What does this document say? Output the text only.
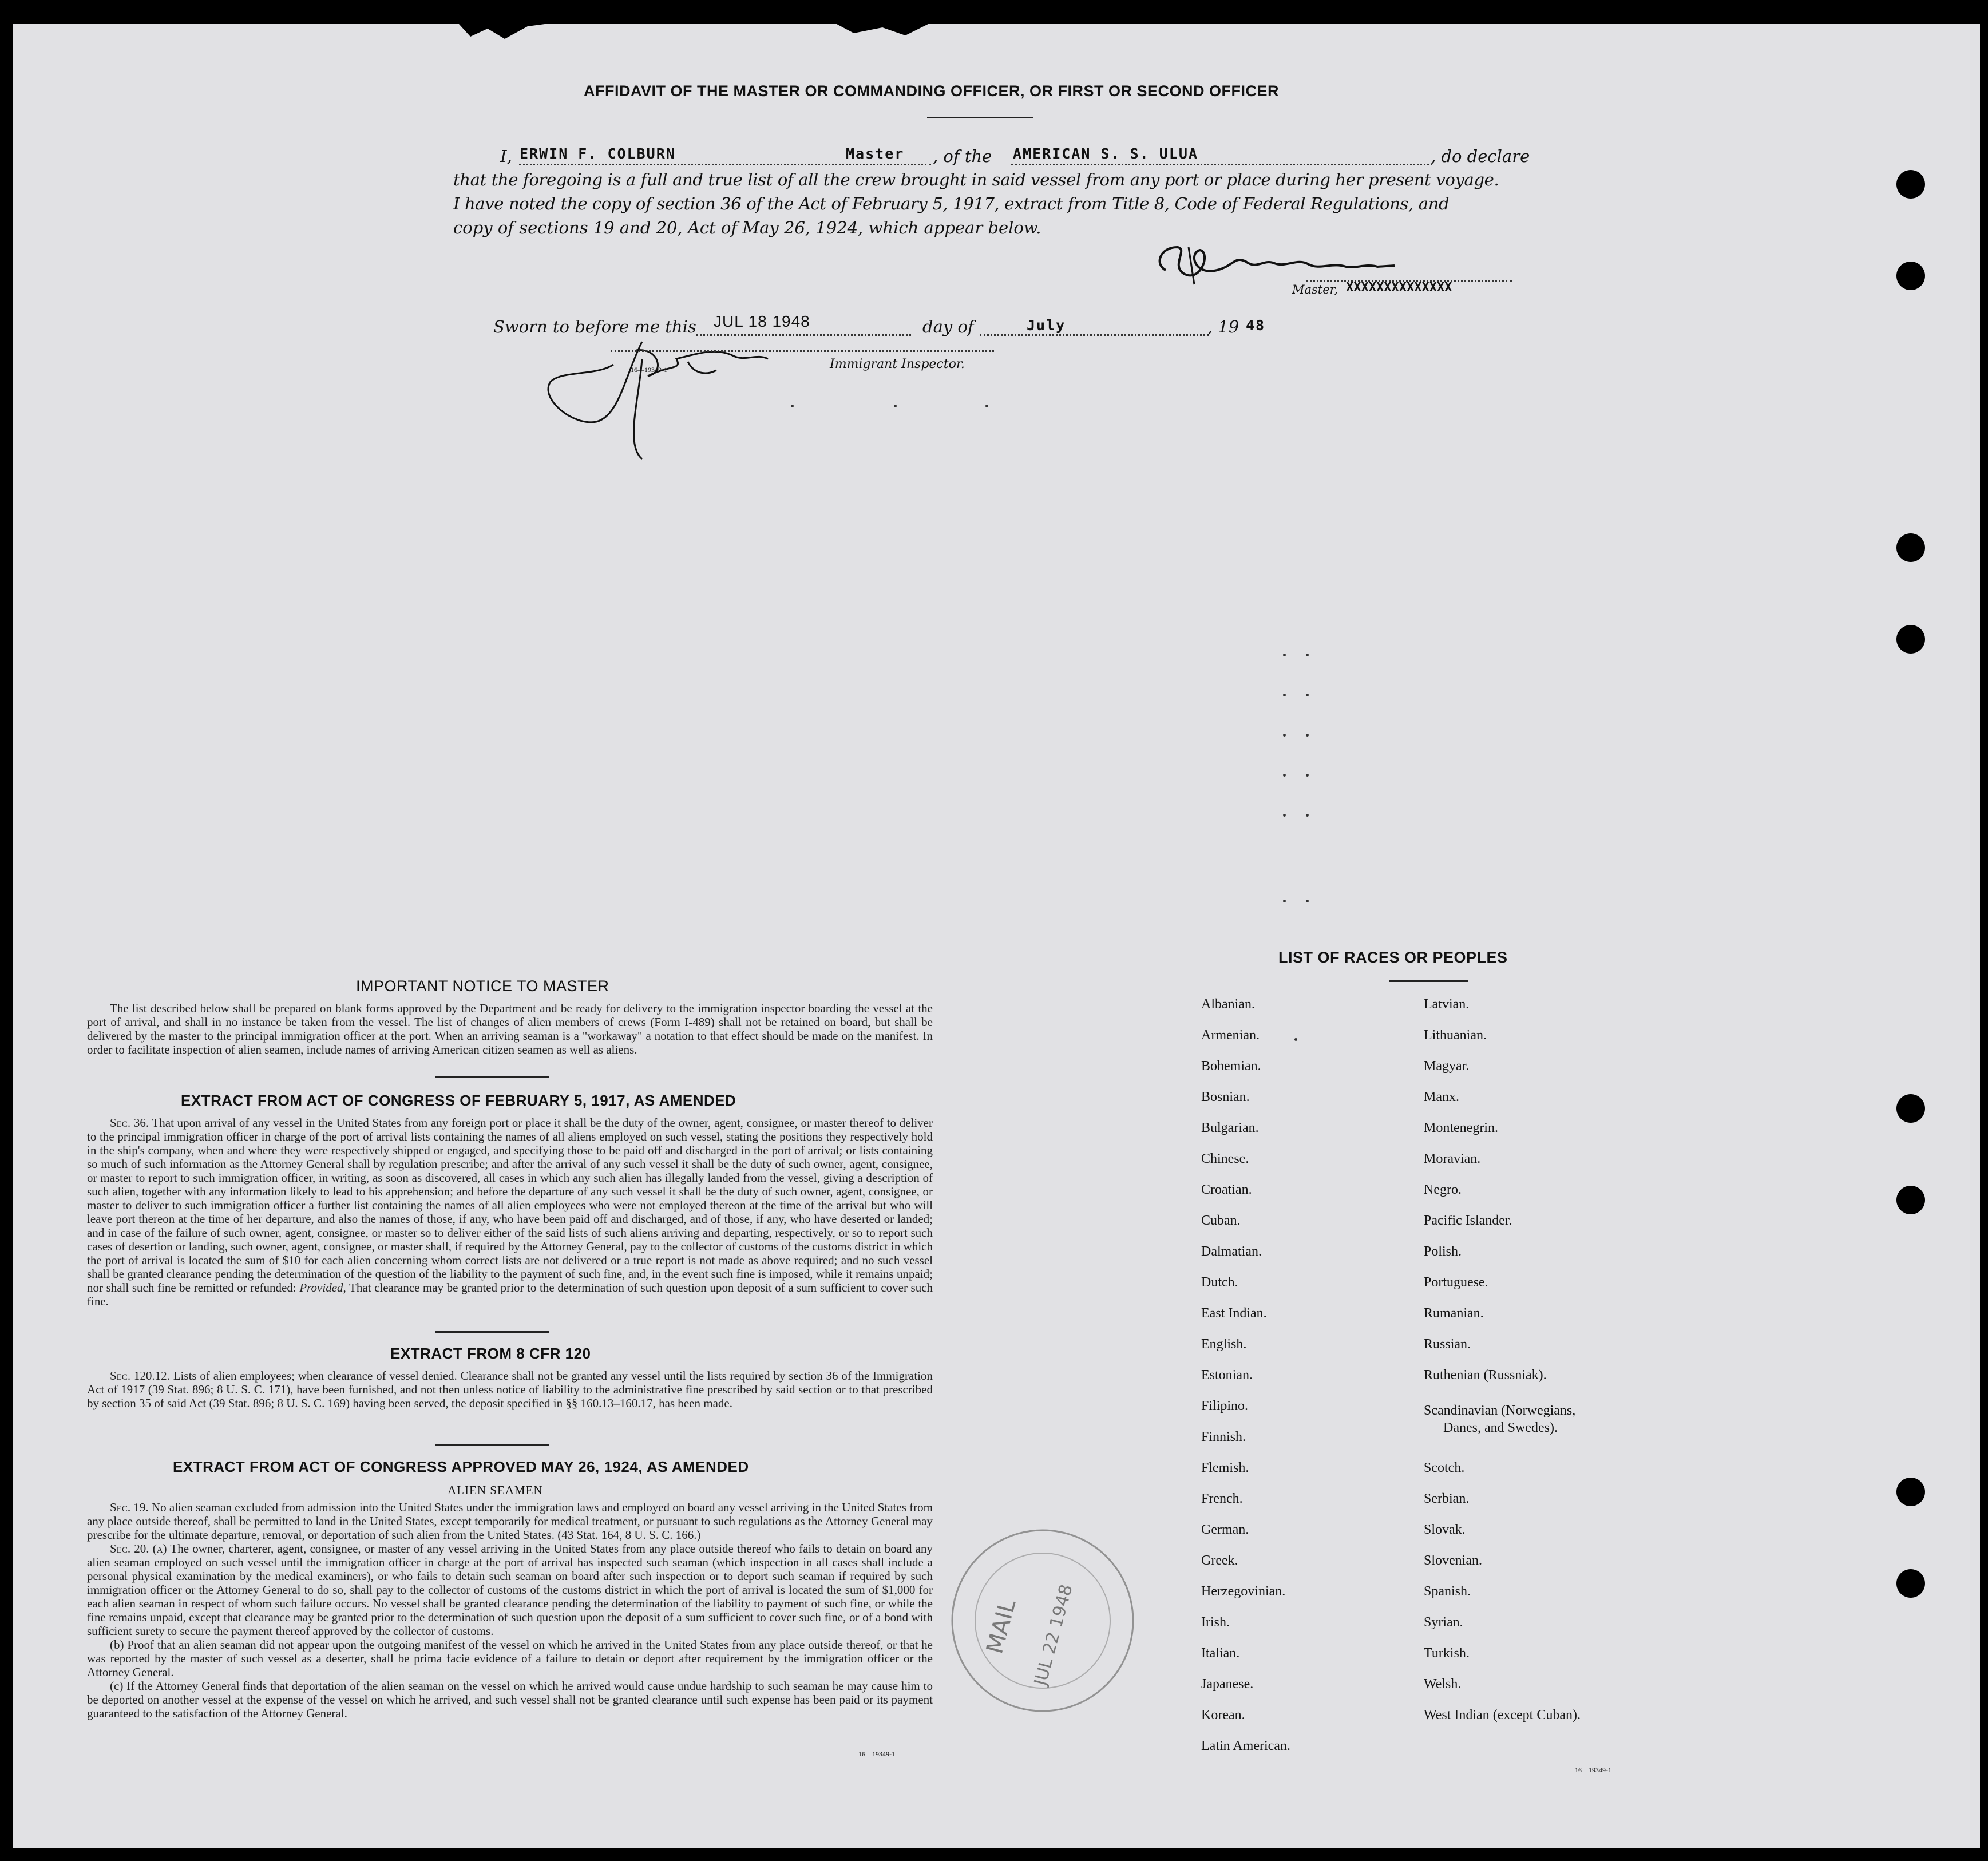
AFFIDAVIT OF THE MASTER OR COMMANDING OFFICER, OR FIRST OR SECOND OFFICER
I, ERWIN F. COLBURN	Master , of the AMERICAN S. S. ULUA	, do declare
that the foregoing is a full and true list of all the crew brought in said vessel from any port or place during her present voyage.
I have noted the copy of section 36 of the Act of February 5, 1917, extract from Title 8, Code of Federal Regulations, and
copy of sections 19 and 20, Act of May 26, 1924, which appear below.
Master, XXXXXXXXXXXXXX
Sworn to before me this JUL 18 1948	day of	July	, 19 48
16—19349-1	Immigrant Inspector.
IMPORTANT NOTICE TO MASTER
The list described below shall be prepared on blank forms approved by the Department and be ready for delivery to the immigration inspector boarding the vessel at the port of arrival, and shall in no instance be taken from the vessel. The list of changes of alien members of crews (Form I-489) shall not be retained on board, but shall be delivered by the master to the principal immigration officer at the port. When an arriving seaman is a "workaway" a notation to that effect should be made on the manifest. In order to facilitate inspection of alien seamen, include names of arriving American citizen seamen as well as aliens.
EXTRACT FROM ACT OF CONGRESS OF FEBRUARY 5, 1917, AS AMENDED
Sec. 36. That upon arrival of any vessel in the United States from any foreign port or place it shall be the duty of the owner, agent, consignee, or master thereof to deliver to the principal immigration officer in charge of the port of arrival lists containing the names of all aliens employed on such vessel, stating the positions they respectively hold in the ship's company, when and where they were respectively shipped or engaged, and specifying those to be paid off and discharged in the port of arrival; or lists containing so much of such information as the Attorney General shall by regulation prescribe; and after the arrival of any such vessel it shall be the duty of such owner, agent, consignee, or master to report to such immigration officer, in writing, as soon as discovered, all cases in which any such alien has illegally landed from the vessel, giving a description of such alien, together with any information likely to lead to his apprehension; and before the departure of any such vessel it shall be the duty of such owner, agent, consignee, or master to deliver to such immigration officer a further list containing the names of all alien employees who were not employed thereon at the time of the arrival but who will leave port thereon at the time of her departure, and also the names of those, if any, who have been paid off and discharged, and of those, if any, who have deserted or landed; and in case of the failure of such owner, agent, consignee, or master so to deliver either of the said lists of such aliens arriving and departing, respectively, or so to report such cases of desertion or landing, such owner, agent, consignee, or master shall, if required by the Attorney General, pay to the collector of customs of the customs district in which the port of arrival is located the sum of $10 for each alien concerning whom correct lists are not delivered or a true report is not made as above required; and no such vessel shall be granted clearance pending the determination of the question of the liability to the payment of such fine, and, in the event such fine is imposed, while it remains unpaid; nor shall such fine be remitted or refunded: Provided, That clearance may be granted prior to the determination of such question upon deposit of a sum sufficient to cover such fine.
EXTRACT FROM 8 CFR 120
Sec. 120.12. Lists of alien employees; when clearance of vessel denied. Clearance shall not be granted any vessel until the lists required by section 36 of the Immigration Act of 1917 (39 Stat. 896; 8 U. S. C. 171), have been furnished, and not then unless notice of liability to the administrative fine prescribed by said section or to that prescribed by section 35 of said Act (39 Stat. 896; 8 U. S. C. 169) having been served, the deposit specified in §§ 160.13–160.17, has been made.
EXTRACT FROM ACT OF CONGRESS APPROVED MAY 26, 1924, AS AMENDED
ALIEN SEAMEN
Sec. 19. No alien seaman excluded from admission into the United States under the immigration laws and employed on board any vessel arriving in the United States from any place outside thereof, shall be permitted to land in the United States, except temporarily for medical treatment, or pursuant to such regulations as the Attorney General may prescribe for the ultimate departure, removal, or deportation of such alien from the United States. (43 Stat. 164, 8 U. S. C. 166.)
Sec. 20. (a) The owner, charterer, agent, consignee, or master of any vessel arriving in the United States from any place outside thereof who fails to detain on board any alien seaman employed on such vessel until the immigration officer in charge at the port of arrival has inspected such seaman (which inspection in all cases shall include a personal physical examination by the medical examiners), or who fails to detain such seaman on board after such inspection or to deport such seaman if required by such immigration officer or the Attorney General to do so, shall pay to the collector of customs of the customs district in which the port of arrival is located the sum of $1,000 for each alien seaman in respect of whom such failure occurs. No vessel shall be granted clearance pending the determination of the liability to payment of such fine, or while the fine remains unpaid, except that clearance may be granted prior to the determination of such question upon the deposit of a sum sufficient to cover such fine, or of a bond with sufficient surety to secure the payment thereof approved by the collector of customs.
(b) Proof that an alien seaman did not appear upon the outgoing manifest of the vessel on which he arrived in the United States from any place outside thereof, or that he was reported by the master of such vessel as a deserter, shall be prima facie evidence of a failure to detain or deport after requirement by the immigration officer or the Attorney General.
(c) If the Attorney General finds that deportation of the alien seaman on the vessel on which he arrived would cause undue hardship to such seaman he may cause him to be deported on another vessel at the expense of the vessel on which he arrived, and such vessel shall not be granted clearance until such expense has been paid or its payment guaranteed to the satisfaction of the Attorney General.
16—19349-1
MAIL JUL 22 1948
LIST OF RACES OR PEOPLES
Albanian.
Armenian.
Bohemian.
Bosnian.
Bulgarian.
Chinese.
Croatian.
Cuban.
Dalmatian.
Dutch.
East Indian.
English.
Estonian.
Filipino.
Finnish.
Flemish.
French.
German.
Greek.
Herzegovinian.
Irish.
Italian.
Japanese.
Korean.
Latin American.
Latvian.
Lithuanian.
Magyar.
Manx.
Montenegrin.
Moravian.
Negro.
Pacific Islander.
Polish.
Portuguese.
Rumanian.
Russian.
Ruthenian (Russniak).
Scandinavian (Norwegians,
Danes, and Swedes).
Scotch.
Serbian.
Slovak.
Slovenian.
Spanish.
Syrian.
Turkish.
Welsh.
West Indian (except Cuban).
16—19349-1
